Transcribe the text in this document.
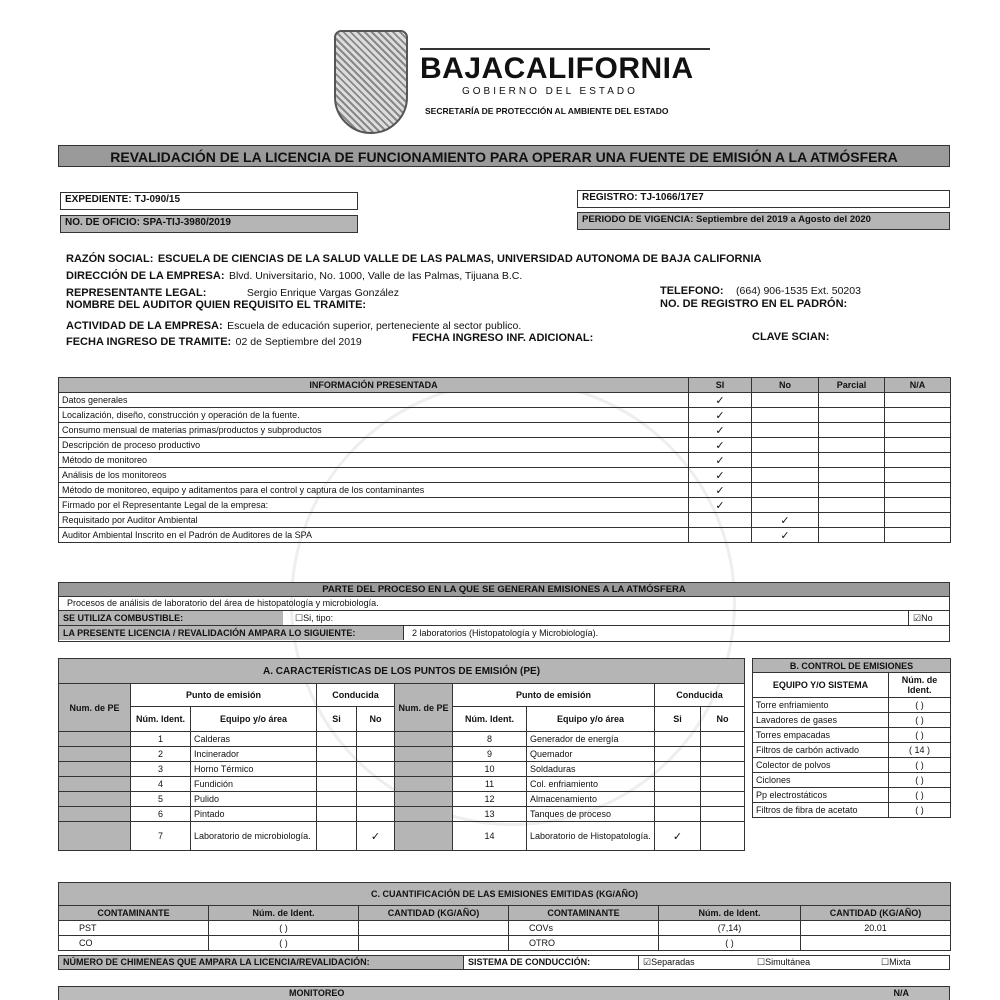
BAJACALIFORNIA
GOBIERNO DEL ESTADO
SECRETARÍA DE PROTECCIÓN AL AMBIENTE DEL ESTADO
REVALIDACIÓN DE LA LICENCIA DE FUNCIONAMIENTO PARA OPERAR UNA FUENTE DE EMISIÓN A LA ATMÓSFERA
EXPEDIENTE: TJ-090/15
NO. DE OFICIO: SPA-TIJ-3980/2019
REGISTRO: TJ-1066/17E7
PERIODO DE VIGENCIA: Septiembre del 2019 a Agosto del 2020
RAZÓN SOCIAL: ESCUELA DE CIENCIAS DE LA SALUD VALLE DE LAS PALMAS, UNIVERSIDAD AUTONOMA DE BAJA CALIFORNIA
DIRECCIÓN DE LA EMPRESA: Blvd. Universitario, No. 1000, Valle de las Palmas, Tijuana B.C.
REPRESENTANTE LEGAL:	Sergio Enrique Vargas González	TELEFONO: (664) 906-1535 Ext. 50203
NOMBRE DEL AUDITOR QUIEN REQUISITO EL TRAMITE:	NO. DE REGISTRO EN EL PADRÓN:
ACTIVIDAD DE LA EMPRESA: Escuela de educación superior, perteneciente al sector publico.
FECHA INGRESO DE TRAMITE: 02 de Septiembre del 2019	FECHA INGRESO INF. ADICIONAL:	CLAVE SCIAN:
INFORMACIÓN PRESENTADA	SI	No	Parcial	N/A
Datos generales	✓			
Localización, diseño, construcción y operación de la fuente.	✓			
Consumo mensual de materias primas/productos y subproductos	✓			
Descripción de proceso productivo	✓			
Método de monitoreo	✓			
Análisis de los monitoreos	✓			
Método de monitoreo, equipo y aditamentos para el control y captura de los contaminantes	✓			
Firmado por el Representante Legal de la empresa:	✓			
Requisitado por Auditor Ambiental		✓		
Auditor Ambiental Inscrito en el Padrón de Auditores de la SPA		✓		
PARTE DEL PROCESO EN LA QUE SE GENERAN EMISIONES A LA ATMÓSFERA
Procesos de análisis de laboratorio del área de histopatología y microbiología.
SE UTILIZA COMBUSTIBLE:	☐Si, tipo:	☑No
LA PRESENTE LICENCIA / REVALIDACIÓN AMPARA LO SIGUIENTE:	2 laboratorios (Histopatología y Microbiología).
A. CARACTERÍSTICAS DE LOS PUNTOS DE EMISIÓN (PE)									
Num. de PE	Punto de emisión		Conducida		Num. de PE	Punto de emisión		Conducida	
	Núm. Ident.	Equipo y/o área	Si	No		Núm. Ident.	Equipo y/o área	Si	No
	1	Calderas				8	Generador de energía		
	2	Incinerador				9	Quemador		
	3	Horno Térmico				10	Soldaduras		
	4	Fundición				11	Col. enfriamiento		
	5	Pulido				12	Almacenamiento		
	6	Pintado				13	Tanques de proceso		
	7	Laboratorio de microbiología.		✓		14	Laboratorio de Histopatología.	✓	
B. CONTROL DE EMISIONES	
EQUIPO Y/O SISTEMA	Núm. de Ident.
Torre enfriamiento	( )
Lavadores de gases	( )
Torres empacadas	( )
Filtros de carbón activado	( 14 )
Colector de polvos	( )
Ciclones	( )
Pp electrostáticos	( )
Filtros de fibra de acetato	( )
C. CUANTIFICACIÓN DE LAS EMISIONES EMITIDAS (KG/AÑO)					
CONTAMINANTE	Núm. de Ident.	CANTIDAD (KG/AÑO)	CONTAMINANTE	Núm. de Ident.	CANTIDAD (KG/AÑO)
PST	( )		COVs	(7,14)	20.01
CO	( )		OTRO	( )	
NÚMERO DE CHIMENEAS QUE AMPARA LA LICENCIA/REVALIDACIÓN:	SISTEMA DE CONDUCCIÓN:	☑Separadas	☐Simultánea	☐Mixta
MONITOREO	N/A
